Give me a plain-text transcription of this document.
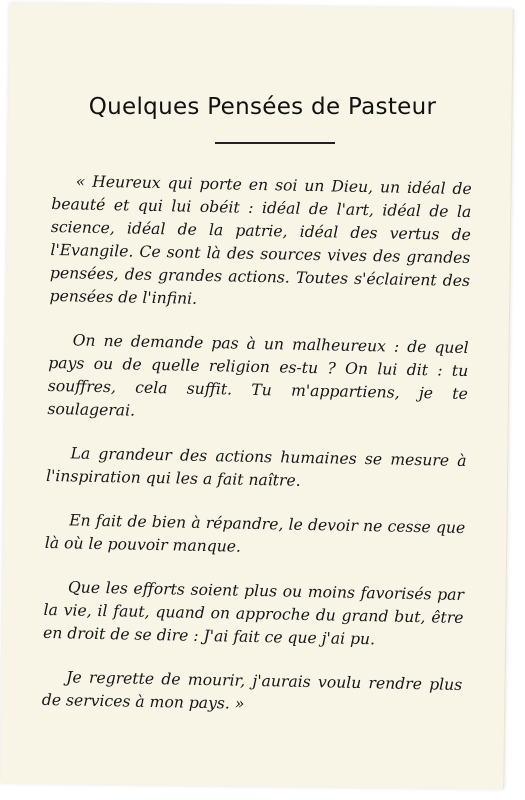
Quelques Pensées de Pasteur

« Heureux qui porte en soi un Dieu, un idéal de beauté et qui lui obéit : idéal de l'art, idéal de la science, idéal de la patrie, idéal des vertus de l'Evangile. Ce sont là des sources vives des grandes pensées, des grandes actions. Toutes s'éclairent des pensées de l'infini.

On ne demande pas à un malheureux : de quel pays ou de quelle religion es-tu ? On lui dit : tu souffres, cela suffit. Tu m'appartiens, je te soulagerai.

La grandeur des actions humaines se mesure à l'inspiration qui les a fait naître.

En fait de bien à répandre, le devoir ne cesse que là où le pouvoir manque.

Que les efforts soient plus ou moins favorisés par la vie, il faut, quand on approche du grand but, être en droit de se dire : J'ai fait ce que j'ai pu.

Je regrette de mourir, j'aurais voulu rendre plus de services à mon pays. »
